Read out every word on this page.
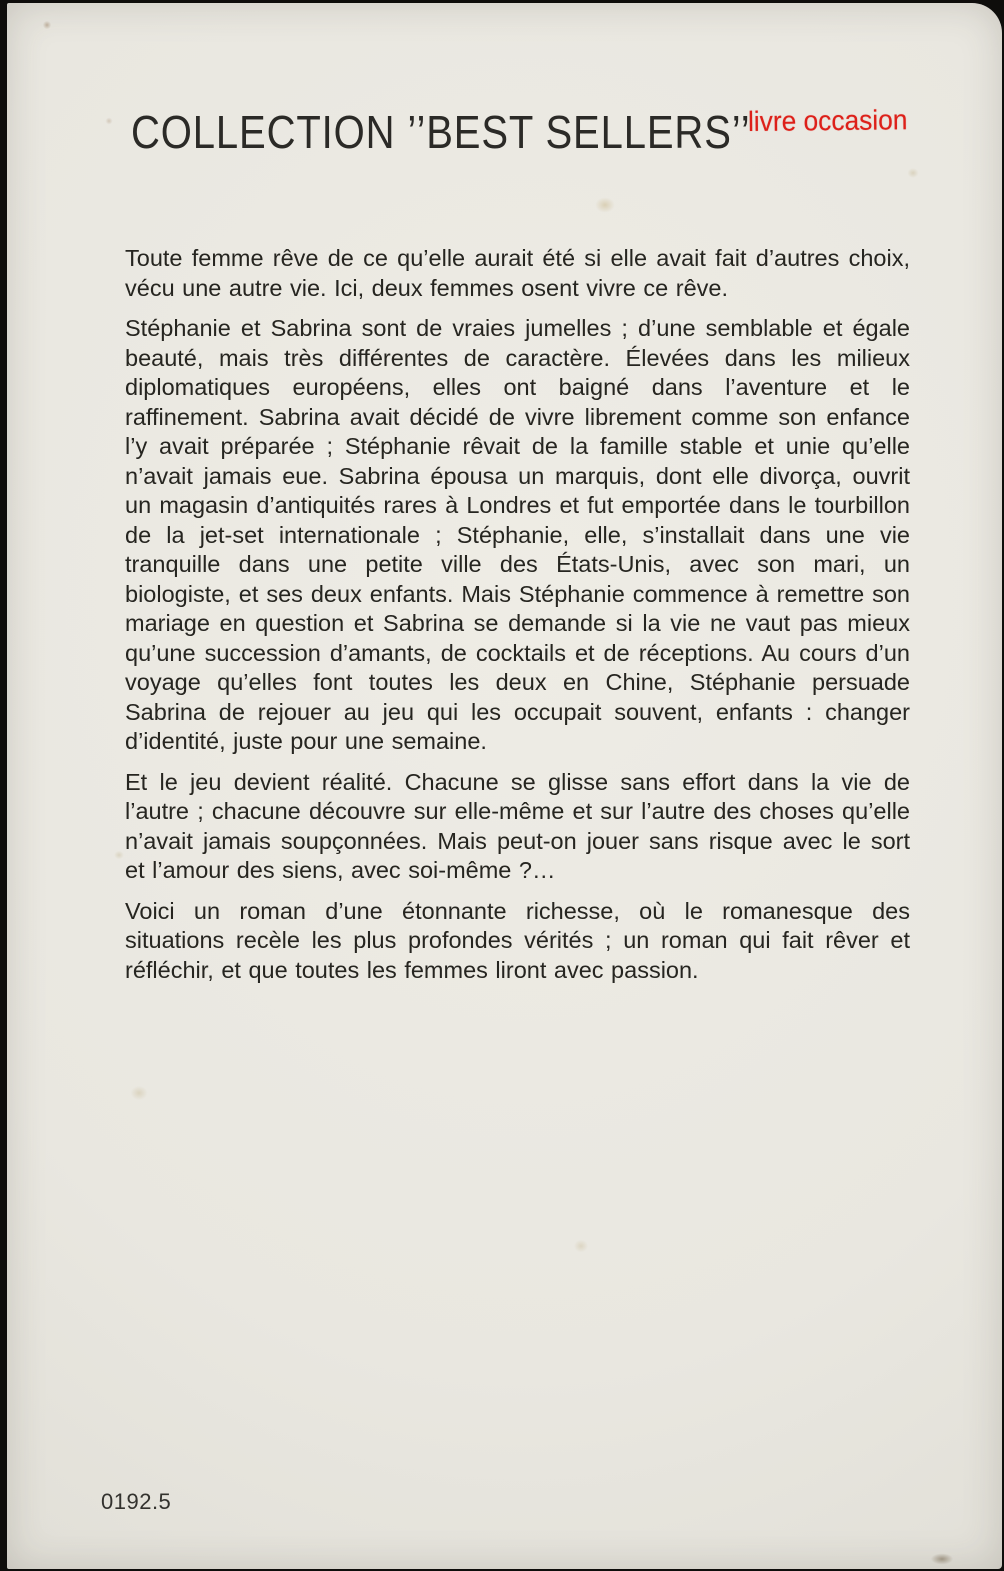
COLLECTION ’’BEST SELLERS’’
livre occasion

Toute femme rêve de ce qu’elle aurait été si elle avait fait d’autres choix, vécu une autre vie. Ici, deux femmes osent vivre ce rêve.

Stéphanie et Sabrina sont de vraies jumelles ; d’une semblable et égale beauté, mais très différentes de caractère. Élevées dans les milieux diplomatiques européens, elles ont baigné dans l’aventure et le raffinement. Sabrina avait décidé de vivre librement comme son enfance l’y avait préparée ; Stéphanie rêvait de la famille stable et unie qu’elle n’avait jamais eue. Sabrina épousa un marquis, dont elle divorça, ouvrit un magasin d’antiquités rares à Londres et fut emportée dans le tourbillon de la jet-set internationale ; Stéphanie, elle, s’installait dans une vie tranquille dans une petite ville des États-Unis, avec son mari, un biologiste, et ses deux enfants. Mais Stéphanie commence à remettre son mariage en question et Sabrina se demande si la vie ne vaut pas mieux qu’une succession d’amants, de cocktails et de réceptions. Au cours d’un voyage qu’elles font toutes les deux en Chine, Stéphanie persuade Sabrina de rejouer au jeu qui les occupait souvent, enfants : changer d’identité, juste pour une semaine.

Et le jeu devient réalité. Chacune se glisse sans effort dans la vie de l’autre ; chacune découvre sur elle-même et sur l’autre des choses qu’elle n’avait jamais soupçonnées. Mais peut-on jouer sans risque avec le sort et l’amour des siens, avec soi-même ?…

Voici un roman d’une étonnante richesse, où le romanesque des situations recèle les plus profondes vérités ; un roman qui fait rêver et réfléchir, et que toutes les femmes liront avec passion.

0192.5
